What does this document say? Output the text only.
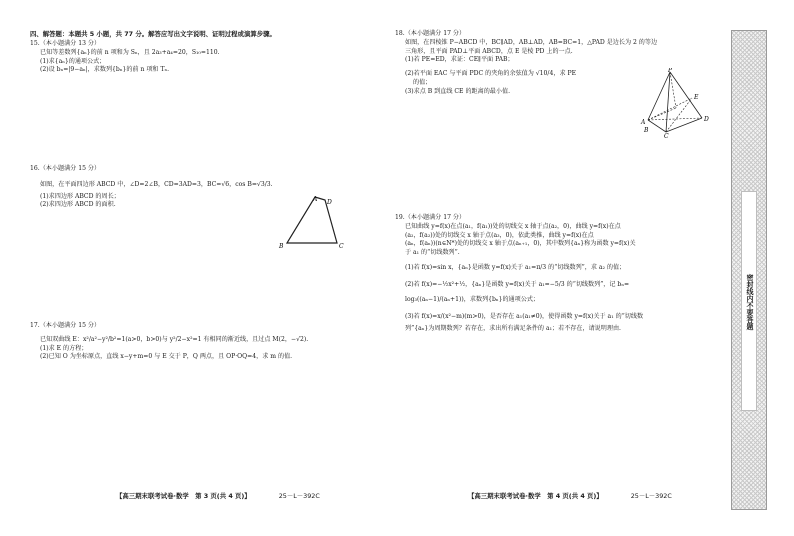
四、解答题：本题共 5 小题，共 77 分。解答应写出文字说明、证明过程或演算步骤。
15.（本小题满分 13 分）
已知等差数列{aₙ}的前 n 项和为 Sₙ，且 2a₃+a₄=20，S₁₀=110.
(1)求{aₙ}的通项公式；
(2)设 bₙ=|9−aₙ|，求数列{bₙ}的前 n 项和 Tₙ.
16.（本小题满分 15 分）
如图，在平面四边形 ABCD 中，∠D=2∠B，CD=3AD=3，BC=√6，cos B=√3/3.
(1)求四边形 ABCD 的周长；
(2)求四边形 ABCD 的面积.
A D
B	C
17.（本小题满分 15 分）
已知双曲线 E：x²/a²−y²/b²=1(a>0，b>0)与 y²/2−x²=1 有相同的渐近线，且过点 M(2，−√2).
(1)求 E 的方程；
(2)已知 O 为坐标原点，直线 x−y+m=0 与 E 交于 P，Q 两点，且 OP·OQ=4，求 m 的值.
【高三期末联考试卷·数学　第 3 页(共 4 页)】	25－L－392C
18.（本小题满分 17 分）
如图，在四棱锥 P−ABCD 中，BC∥AD，AB⊥AD，AB=BC=1，△PAD 是边长为 2 的等边
三角形，且平面 PAD⊥平面 ABCD，点 E 是棱 PD 上的一点.
(1)若 PE=ED，求证：CE∥平面 PAB；
(2)若平面 EAC 与平面 PDC 的夹角的余弦值为 √10/4，求 PE
的值；
(3)求点 B 到直线 CE 的距离的最小值.
P
E
A
B
C
D
19.（本小题满分 17 分）
已知曲线 y=f(x)在点(a₁，f(a₁))处的切线交 x 轴于点(a₂，0)，曲线 y=f(x)在点
(a₂，f(a₂))处的切线交 x 轴于点(a₃，0)，依此类推，曲线 y=f(x)在点
(aₙ，f(aₙ))(n∈N*)处的切线交 x 轴于点(aₙ₊₁，0)，其中数列{aₙ}称为函数 y=f(x)关
于 a₁ 的“切线数列”.
(1)若 f(x)=sin x，{aₙ}是函数 y=f(x)关于 a₁=π/3 的“切线数列”，求 a₂ 的值；
(2)若 f(x)=−½x²+½，{aₙ}是函数 y=f(x)关于 a₁=−5/3 的“切线数列”，记 bₙ=
log₃((aₙ−1)/(aₙ+1))，求数列{bₙ}的通项公式；
(3)若 f(x)=x/(x²−m)(m>0)，是否存在 a₁(a₁≠0)，使得函数 y=f(x)关于 a₁ 的“切线数
列”{aₙ}为周期数列？若存在，求出所有满足条件的 a₁；若不存在，请说明理由.
【高三期末联考试卷·数学　第 4 页(共 4 页)】	25－L－392C
密封线内不要答题
